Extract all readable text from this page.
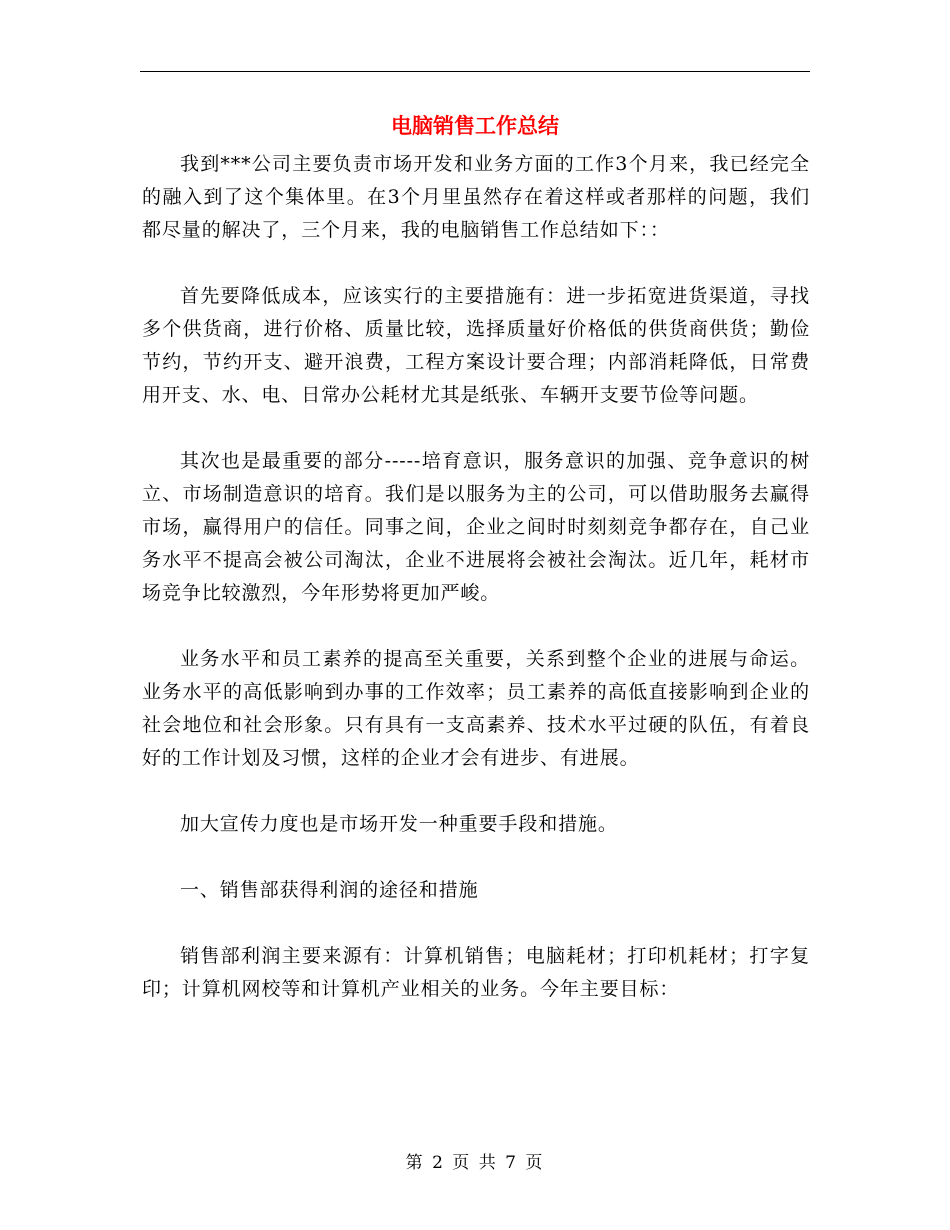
电脑销售工作总结

我到***公司主要负责市场开发和业务方面的工作3个月来，我已经完全的融入到了这个集体里。在3个月里虽然存在着这样或者那样的问题，我们都尽量的解决了，三个月来，我的电脑销售工作总结如下：：

首先要降低成本，应该实行的主要措施有：进一步拓宽进货渠道，寻找多个供货商，进行价格、质量比较，选择质量好价格低的供货商供货；勤俭节约，节约开支、避开浪费，工程方案设计要合理；内部消耗降低，日常费用开支、水、电、日常办公耗材尤其是纸张、车辆开支要节俭等问题。

其次也是最重要的部分-----培育意识，服务意识的加强、竞争意识的树立、市场制造意识的培育。我们是以服务为主的公司，可以借助服务去赢得市场，赢得用户的信任。同事之间，企业之间时时刻刻竞争都存在，自己业务水平不提高会被公司淘汰，企业不进展将会被社会淘汰。近几年，耗材市场竞争比较激烈，今年形势将更加严峻。

业务水平和员工素养的提高至关重要，关系到整个企业的进展与命运。业务水平的高低影响到办事的工作效率；员工素养的高低直接影响到企业的社会地位和社会形象。只有具有一支高素养、技术水平过硬的队伍，有着良好的工作计划及习惯，这样的企业才会有进步、有进展。

加大宣传力度也是市场开发一种重要手段和措施。

一、销售部获得利润的途径和措施

销售部利润主要来源有：计算机销售；电脑耗材；打印机耗材；打字复印；计算机网校等和计算机产业相关的业务。今年主要目标：

第 2 页 共 7 页
